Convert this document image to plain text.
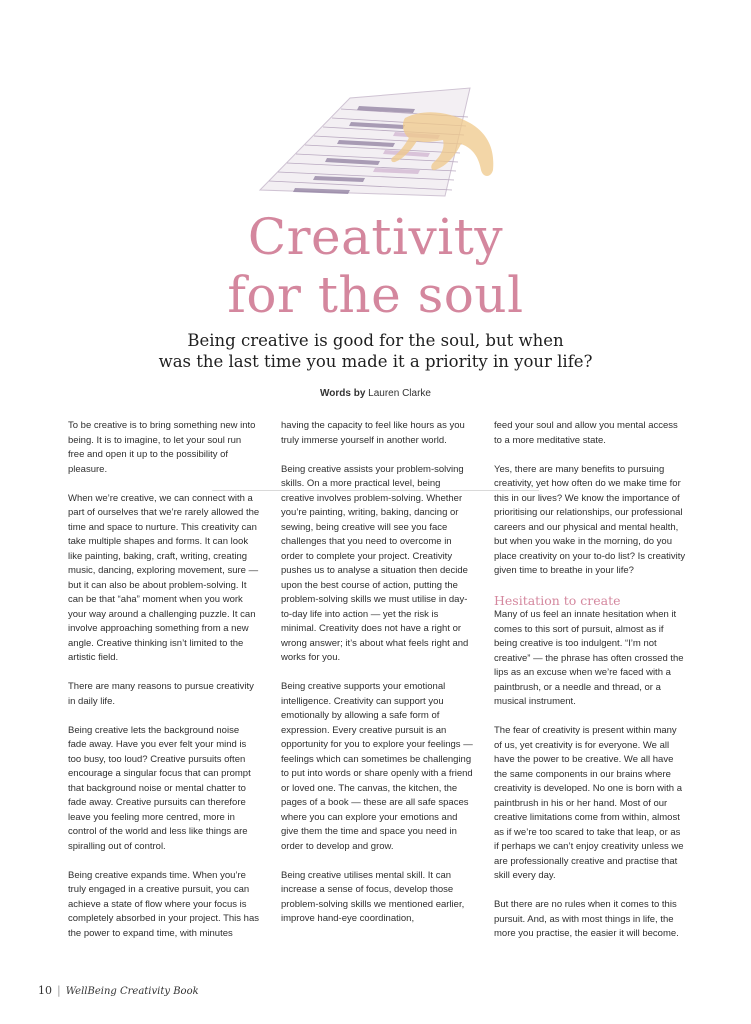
Creativity
for the soul
Being creative is good for the soul, but when
was the last time you made it a priority in your life?
Words by Lauren Clarke

To be creative is to bring something new into being. It is to imagine, to let your soul run free and open it up to the possibility of pleasure.

When we’re creative, we can connect with a part of ourselves that we’re rarely allowed the time and space to nurture. This creativity can take multiple shapes and forms. It can look like painting, baking, craft, writing, creating music, dancing, exploring movement, sure — but it can also be about problem-solving. It can be that “aha” moment when you work your way around a challenging puzzle. It can involve approaching something from a new angle. Creative thinking isn’t limited to the artistic field.

There are many reasons to pursue creativity in daily life.

Being creative lets the background noise fade away. Have you ever felt your mind is too busy, too loud? Creative pursuits often encourage a singular focus that can prompt that background noise or mental chatter to fade away. Creative pursuits can therefore leave you feeling more centred, more in control of the world and less like things are spiralling out of control.

Being creative expands time. When you’re truly engaged in a creative pursuit, you can achieve a state of flow where your focus is completely absorbed in your project. This has the power to expand time, with minutes

having the capacity to feel like hours as you truly immerse yourself in another world.

Being creative assists your problem-solving skills. On a more practical level, being creative involves problem-solving. Whether you’re painting, writing, baking, dancing or sewing, being creative will see you face challenges that you need to overcome in order to complete your project. Creativity pushes us to analyse a situation then decide upon the best course of action, putting the problem-solving skills we must utilise in day-to-day life into action — yet the risk is minimal. Creativity does not have a right or wrong answer; it’s about what feels right and works for you.

Being creative supports your emotional intelligence. Creativity can support you emotionally by allowing a safe form of expression. Every creative pursuit is an opportunity for you to explore your feelings — feelings which can sometimes be challenging to put into words or share openly with a friend or loved one. The canvas, the kitchen, the pages of a book — these are all safe spaces where you can explore your emotions and give them the time and space you need in order to develop and grow.

Being creative utilises mental skill. It can increase a sense of focus, develop those problem-solving skills we mentioned earlier, improve hand-eye coordination,

feed your soul and allow you mental access to a more meditative state.

Yes, there are many benefits to pursuing creativity, yet how often do we make time for this in our lives? We know the importance of prioritising our relationships, our professional careers and our physical and mental health, but when you wake in the morning, do you place creativity on your to-do list? Is creativity given time to breathe in your life?

Hesitation to create

Many of us feel an innate hesitation when it comes to this sort of pursuit, almost as if being creative is too indulgent. “I’m not creative” — the phrase has often crossed the lips as an excuse when we’re faced with a paintbrush, or a needle and thread, or a musical instrument.

The fear of creativity is present within many of us, yet creativity is for everyone. We all have the power to be creative. We all have the same components in our brains where creativity is developed. No one is born with a paintbrush in his or her hand. Most of our creative limitations come from within, almost as if we’re too scared to take that leap, or as if perhaps we can’t enjoy creativity unless we are professionally creative and practise that skill every day.

But there are no rules when it comes to this pursuit. And, as with most things in life, the more you practise, the easier it will become.

10 | WellBeing Creativity Book
